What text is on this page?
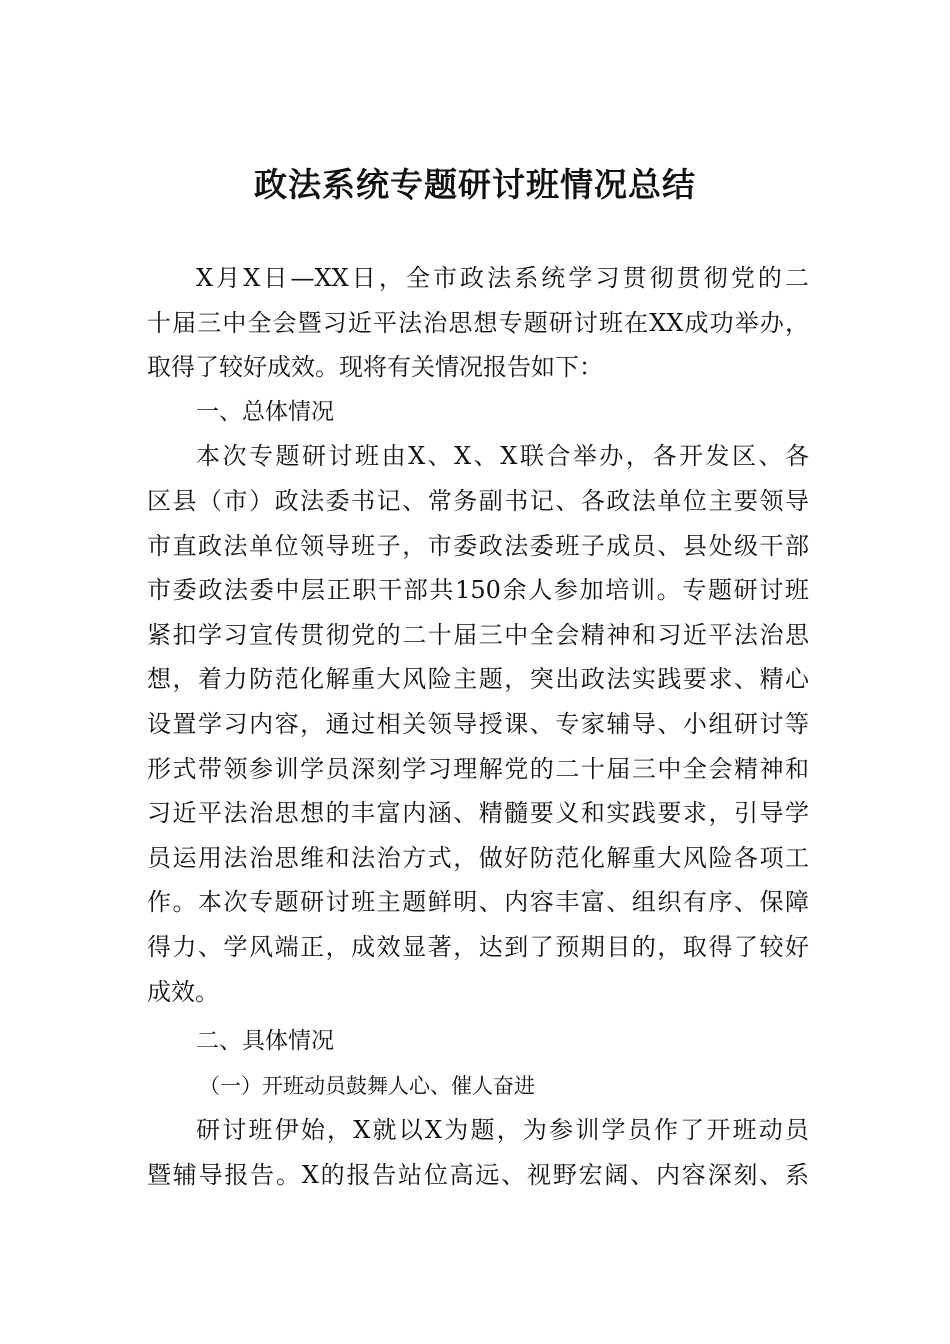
政法系统专题研讨班情况总结
X月X日—XX日，全市政法系统学习贯彻贯彻党的二
十届三中全会暨习近平法治思想专题研讨班在XX成功举办，
取得了较好成效。现将有关情况报告如下：
一、总体情况
本次专题研讨班由X、X、X联合举办，各开发区、各
区县（市）政法委书记、常务副书记、各政法单位主要领导
市直政法单位领导班子，市委政法委班子成员、县处级干部
市委政法委中层正职干部共150余人参加培训。专题研讨班
紧扣学习宣传贯彻党的二十届三中全会精神和习近平法治思
想，着力防范化解重大风险主题，突出政法实践要求、精心
设置学习内容，通过相关领导授课、专家辅导、小组研讨等
形式带领参训学员深刻学习理解党的二十届三中全会精神和
习近平法治思想的丰富内涵、精髓要义和实践要求，引导学
员运用法治思维和法治方式，做好防范化解重大风险各项工
作。本次专题研讨班主题鲜明、内容丰富、组织有序、保障
得力、学风端正，成效显著，达到了预期目的，取得了较好
成效。
二、具体情况
（一）开班动员鼓舞人心、催人奋进
研讨班伊始，X就以X为题，为参训学员作了开班动员
暨辅导报告。X的报告站位高远、视野宏阔、内容深刻、系
